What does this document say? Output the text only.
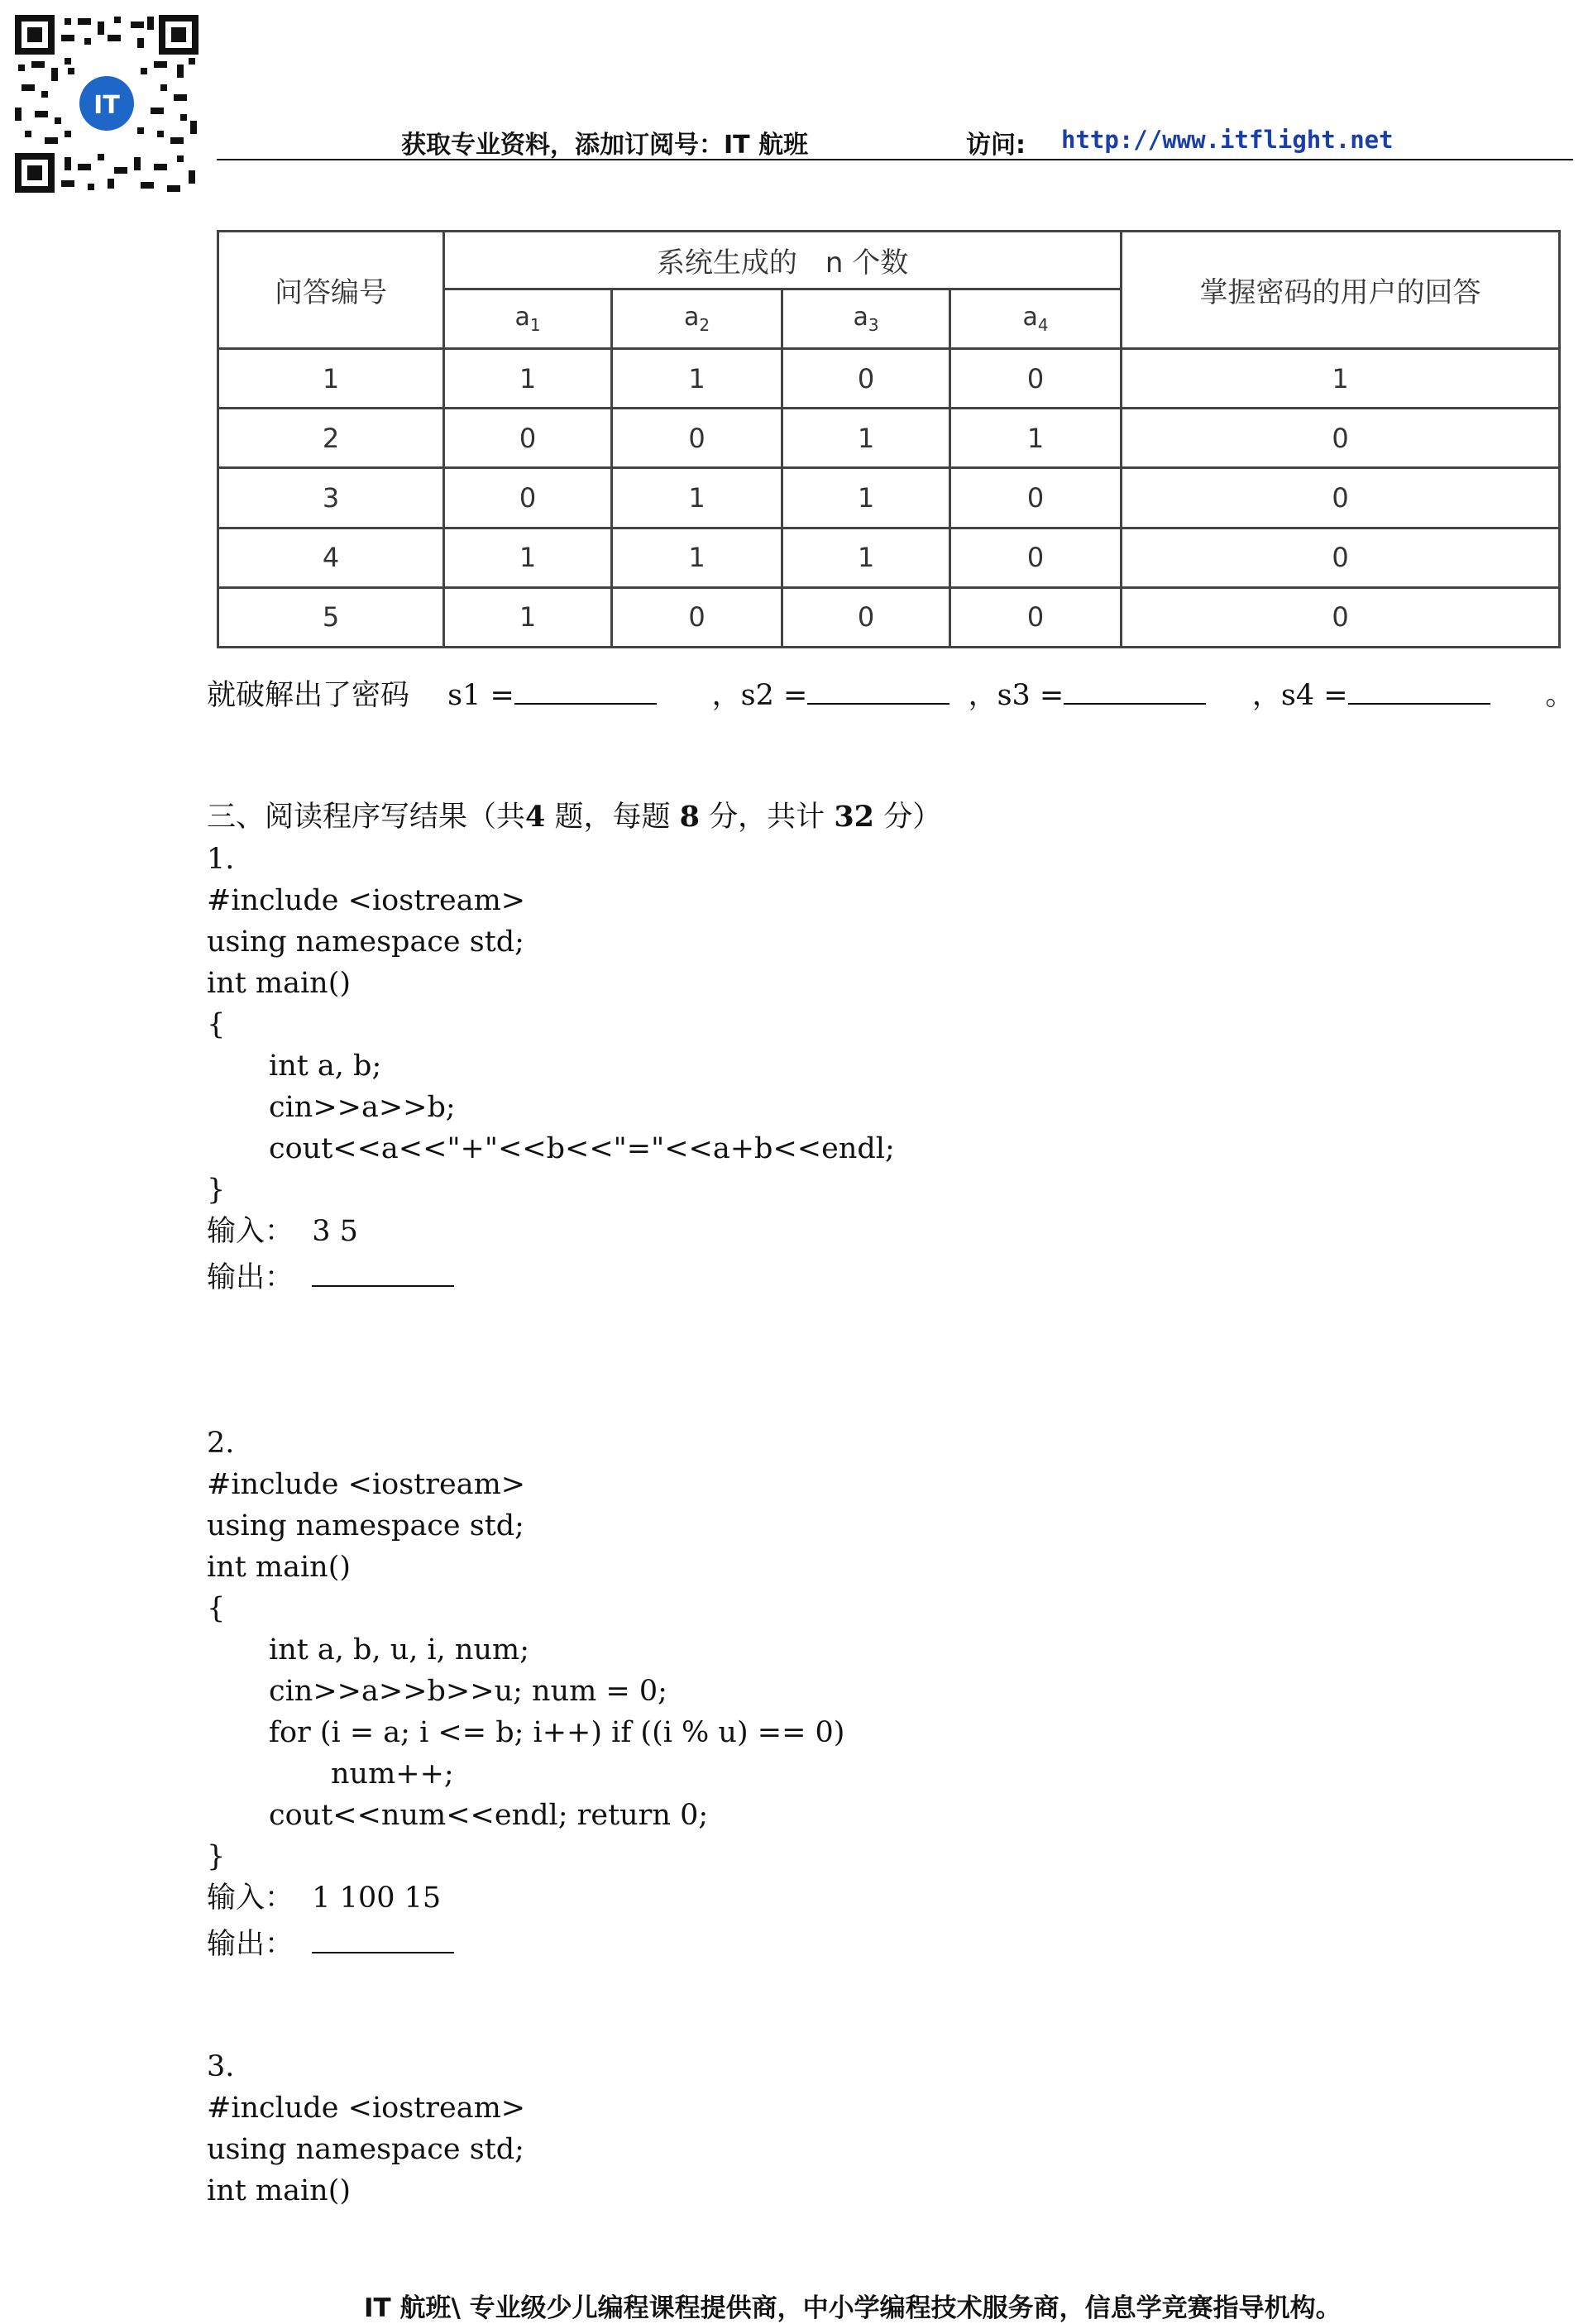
IT
获取专业资料，添加订阅号：IT 航班	访问: http://www.itflight.net
问答编号	系统生成的　n 个数				掌握密码的用户的回答
	$a_1$	$a_2$	$a_3$	$a_4$
1	1	1	0	0	1
2	0	0	1	1	0
3	0	1	1	0	0
4	1	1	1	0	0
5	1	0	0	0	0
就破解出了密码　 s1 =	，s2 =	，s3 =	，s4 =	。
三、阅读程序写结果（共4 题，每题 8 分，共计 32 分）
1.
#include <iostream>
using namespace std;
int main()
{
int a, b;
cin>>a>>b;
cout<<a<<"+"<<b<<"="<<a+b<<endl;
}
输入： 3 5
输出：
2.
#include <iostream>
using namespace std;
int main()
{
int a, b, u, i, num;
cin>>a>>b>>u; num = 0;
for (i = a; i <= b; i++) if ((i % u) == 0)
num++;
cout<<num<<endl; return 0;
}
输入： 1 100 15
输出：
3.
#include <iostream>
using namespace std;
int main()
IT 航班\ 专业级少儿编程课程提供商，中小学编程技术服务商，信息学竞赛指导机构。
